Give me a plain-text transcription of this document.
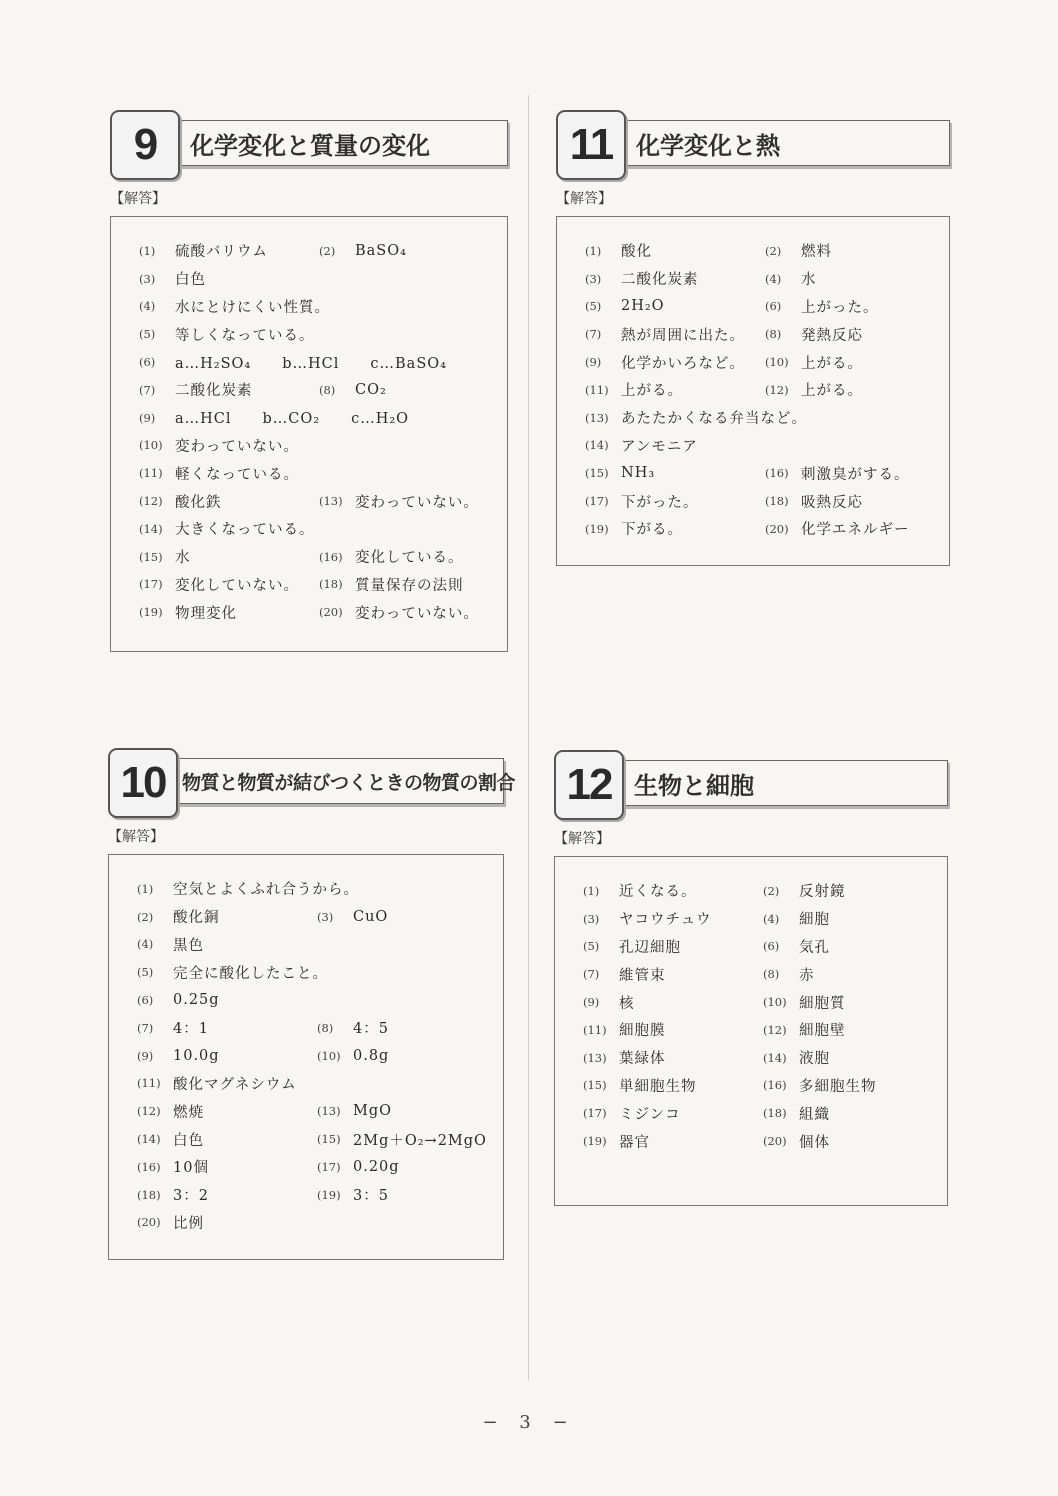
9	化学変化と質量の変化
【解答】
(1)	硫酸バリウム	(2)	BaSO₄
(3)	白色
(4)	水にとけにくい性質。
(5)	等しくなっている。
(6)	a…H₂SO₄　　b…HCl　　c…BaSO₄
(7)	二酸化炭素	(8)	CO₂
(9)	a…HCl　　b…CO₂　　c…H₂O
(10) 変わっていない。
(11) 軽くなっている。
(12) 酸化鉄	(13) 変わっていない。
(14) 大きくなっている。
(15) 水	(16) 変化している。
(17) 変化していない。 (18) 質量保存の法則
(19) 物理変化	(20) 変わっていない。
11 化学変化と熱
【解答】
(1)	酸化	(2)	燃料
(3)	二酸化炭素	(4)	水
(5)	2H₂O	(6)	上がった。
(7)	熱が周囲に出た。 (8)	発熱反応
(9)	化学かいろなど。 (10) 上がる。
(11) 上がる。	(12) 上がる。
(13) あたたかくなる弁当など。
(14) アンモニア
(15) NH₃	(16) 刺激臭がする。
(17) 下がった。	(18) 吸熱反応
(19) 下がる。	(20) 化学エネルギー
10 物質と物質が結びつくときの物質の割合
【解答】
(1)	空気とよくふれ合うから。
(2)	酸化銅	(3)	CuO
(4)	黒色
(5)	完全に酸化したこと。
(6)	0.25g
(7)	4：1	(8)	4：5
(9)	10.0g	(10) 0.8g
(11) 酸化マグネシウム
(12) 燃焼	(13) MgO
(14) 白色	(15) 2Mg＋O₂→2MgO
(16) 10個	(17) 0.20g
(18) 3：2	(19) 3：5
(20) 比例
12 生物と細胞
【解答】
(1)	近くなる。	(2)	反射鏡
(3)	ヤコウチュウ	(4)	細胞
(5)	孔辺細胞	(6)	気孔
(7)	維管束	(8)	赤
(9)	核	(10) 細胞質
(11) 細胞膜	(12) 細胞壁
(13) 葉緑体	(14) 液胞
(15) 単細胞生物	(16) 多細胞生物
(17) ミジンコ	(18) 組織
(19) 器官	(20) 個体
− 3 −
